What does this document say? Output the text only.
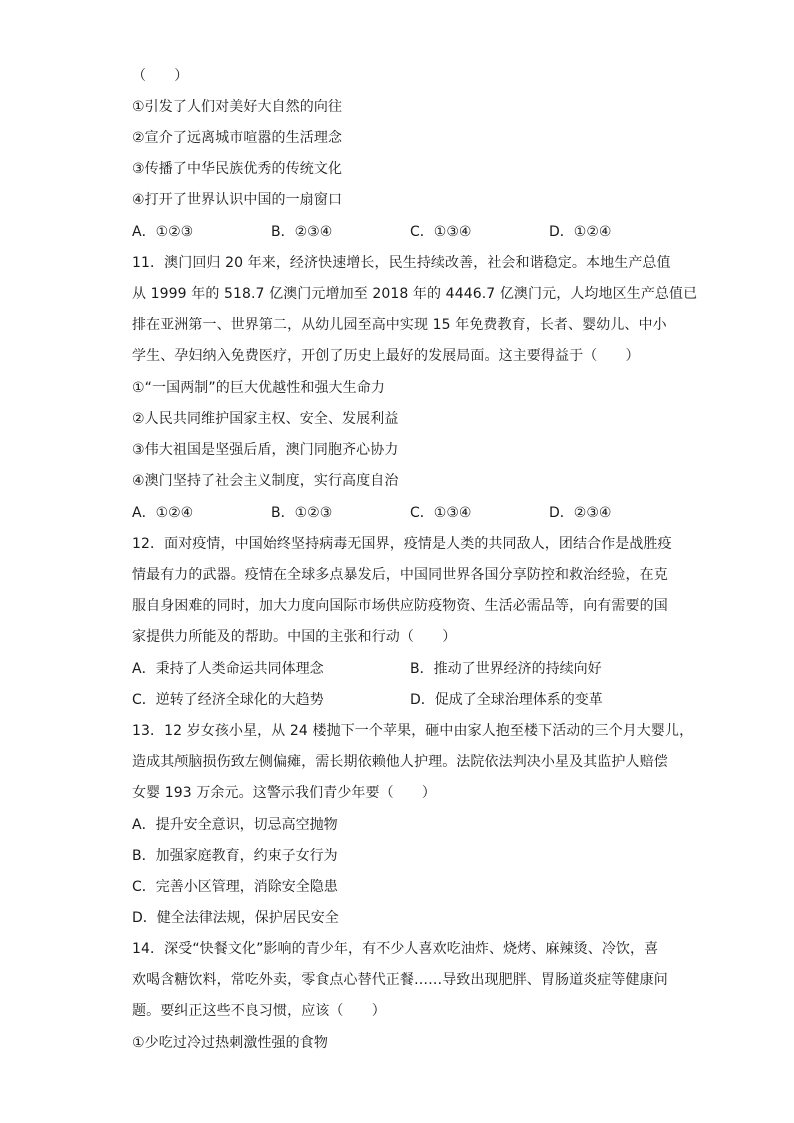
（　　）
①引发了人们对美好大自然的向往
②宣介了远离城市喧嚣的生活理念
③传播了中华民族优秀的传统文化
④打开了世界认识中国的一扇窗口
A．①②③	B．②③④	C．①③④	D．①②④
11．澳门回归 20 年来，经济快速增长，民生持续改善，社会和谐稳定。本地生产总值
从 1999 年的 518.7 亿澳门元增加至 2018 年的 4446.7 亿澳门元，人均地区生产总值已
排在亚洲第一、世界第二，从幼儿园至高中实现 15 年免费教育，长者、婴幼儿、中小
学生、孕妇纳入免费医疗，开创了历史上最好的发展局面。这主要得益于（　　）
①“一国两制”的巨大优越性和强大生命力
②人民共同维护国家主权、安全、发展利益
③伟大祖国是坚强后盾，澳门同胞齐心协力
④澳门坚持了社会主义制度，实行高度自治
A．①②④	B．①②③	C．①③④	D．②③④
12．面对疫情，中国始终坚持病毒无国界，疫情是人类的共同敌人，团结合作是战胜疫
情最有力的武器。疫情在全球多点暴发后，中国同世界各国分享防控和救治经验，在克
服自身困难的同时，加大力度向国际市场供应防疫物资、生活必需品等，向有需要的国
家提供力所能及的帮助。中国的主张和行动（　　）
A．秉持了人类命运共同体理念	B．推动了世界经济的持续向好
C．逆转了经济全球化的大趋势	D．促成了全球治理体系的变革
13．12 岁女孩小星，从 24 楼抛下一个苹果，砸中由家人抱至楼下活动的三个月大婴儿，
造成其颅脑损伤致左侧偏瘫，需长期依赖他人护理。法院依法判决小星及其监护人赔偿
女婴 193 万余元。这警示我们青少年要（　　）
A．提升安全意识，切忌高空抛物
B．加强家庭教育，约束子女行为
C．完善小区管理，消除安全隐患
D．健全法律法规，保护居民安全
14．深受“快餐文化”影响的青少年，有不少人喜欢吃油炸、烧烤、麻辣烫、冷饮，喜
欢喝含糖饮料，常吃外卖，零食点心替代正餐……导致出现肥胖、胃肠道炎症等健康问
题。要纠正这些不良习惯，应该（　　）
①少吃过冷过热刺激性强的食物
